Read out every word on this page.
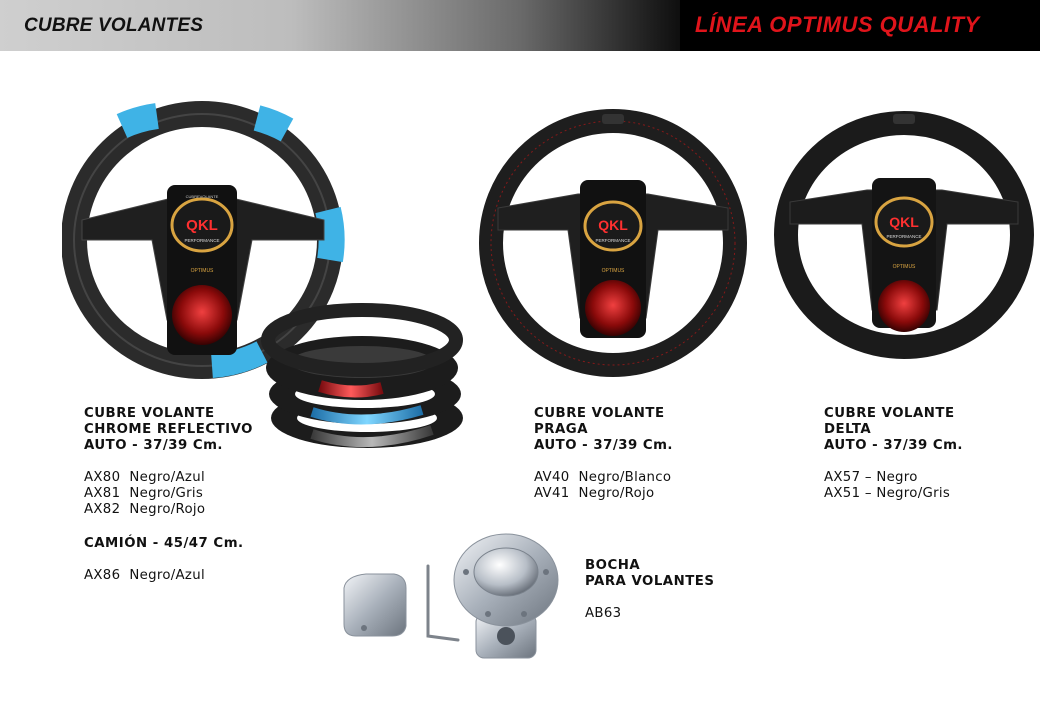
CUBRE VOLANTES	LÍNEA OPTIMUS QUALITY
QKL
CUBREVOLANTE
PERFORMANCE
OPTIMUS
QKL
PERFORMANCE
OPTIMUS
QKL
PERFORMANCE
OPTIMUS
CUBRE VOLANTE
CHROME REFLECTIVO
AUTO - 37/39 Cm.
AX80  Negro/Azul
AX81  Negro/Gris
AX82  Negro/Rojo
CAMIÓN - 45/47 Cm.
AX86  Negro/Azul
CUBRE VOLANTE
PRAGA
AUTO - 37/39 Cm.
AV40  Negro/Blanco
AV41  Negro/Rojo
CUBRE VOLANTE
DELTA
AUTO - 37/39 Cm.
AX57 – Negro
AX51 – Negro/Gris
BOCHA
PARA VOLANTES
AB63
